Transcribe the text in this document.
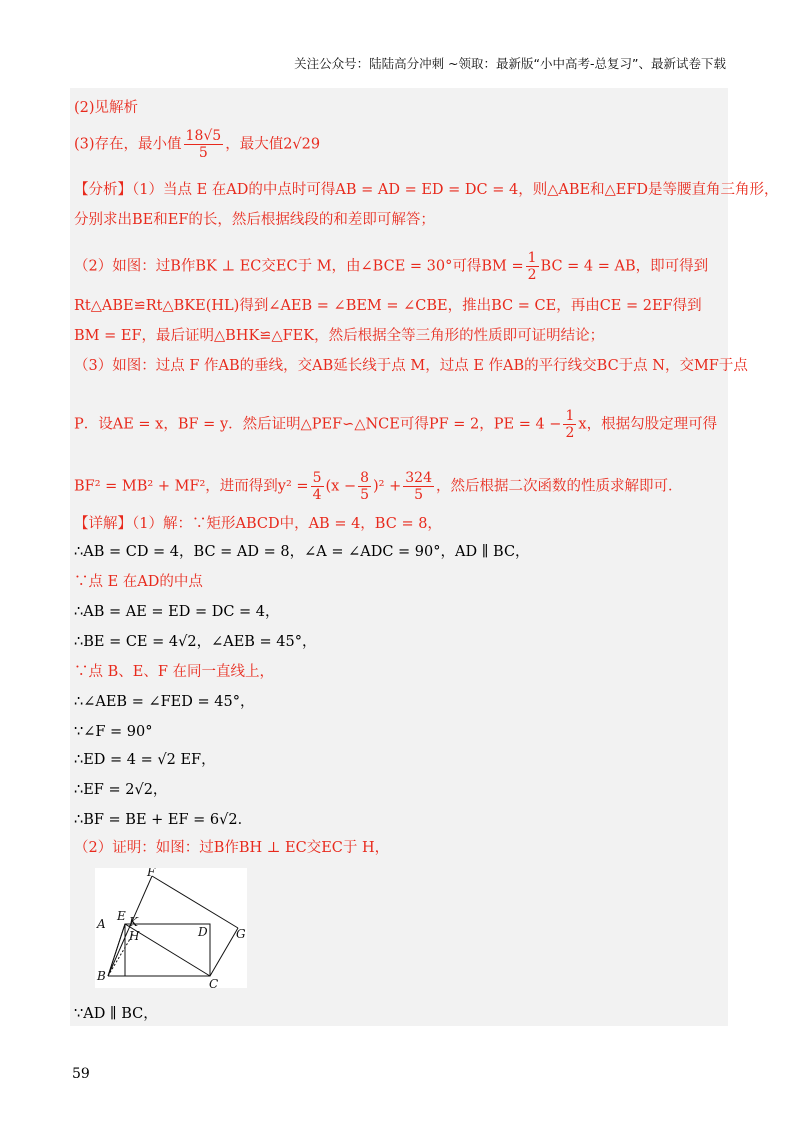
关注公众号：陆陆高分冲刺 ~领取：最新版“小中高考-总复习”、最新试卷下载
(2)见解析
(3)存在，最小值 $\frac{18√5}{5}$ ，最大值2√29
【分析】（1）当点 E 在AD的中点时可得AB = AD = ED = DC = 4，则△ABE和△EFD是等腰直角三角形，
分别求出BE和EF的长，然后根据线段的和差即可解答；
（2）如图：过B作BK ⊥ EC交EC于 M，由∠BCE = 30°可得BM = $\frac{1}{2}$ BC = 4 = AB，即可得到
Rt△ABE≌Rt△BKE(HL)得到∠AEB = ∠BEM = ∠CBE，推出BC = CE，再由CE = 2EF得到
BM = EF，最后证明△BHK≌△FEK，然后根据全等三角形的性质即可证明结论；
（3）如图：过点 F 作AB的垂线，交AB延长线于点 M，过点 E 作AB的平行线交BC于点 N，交MF于点
P．设AE = x，BF = y．然后证明△PEF∽△NCE可得PF = 2，PE = $4 - \frac{1}{2}$ x，根据勾股定理可得
BF² = MB² + MF²，进而得到$y^2 = \frac{5}{4} (x - \frac{8}{5} )^2 + \frac{324}{5}$ ，然后根据二次函数的性质求解即可．
【详解】（1）解：∵矩形ABCD中，AB = 4，BC = 8，
∴AB = CD = 4，BC = AD = 8，∠A = ∠ADC = 90°，AD ∥ BC，
∵点 E 在AD的中点
∴AB = AE = ED = DC = 4，
∴BE = CE = 4√2，∠AEB = 45°，
∵点 B、E、F 在同一直线上，
∴∠AEB = ∠FED = 45°，
∵∠F = 90°
∴ED = 4 = √2 EF，
∴EF = 2√2，
∴BF = BE + EF = 6√2．
（2）证明：如图：过B作BH ⊥ EC交EC于 H，
F
A
E K
H	D G
B
C
∵AD ∥ BC，
59
